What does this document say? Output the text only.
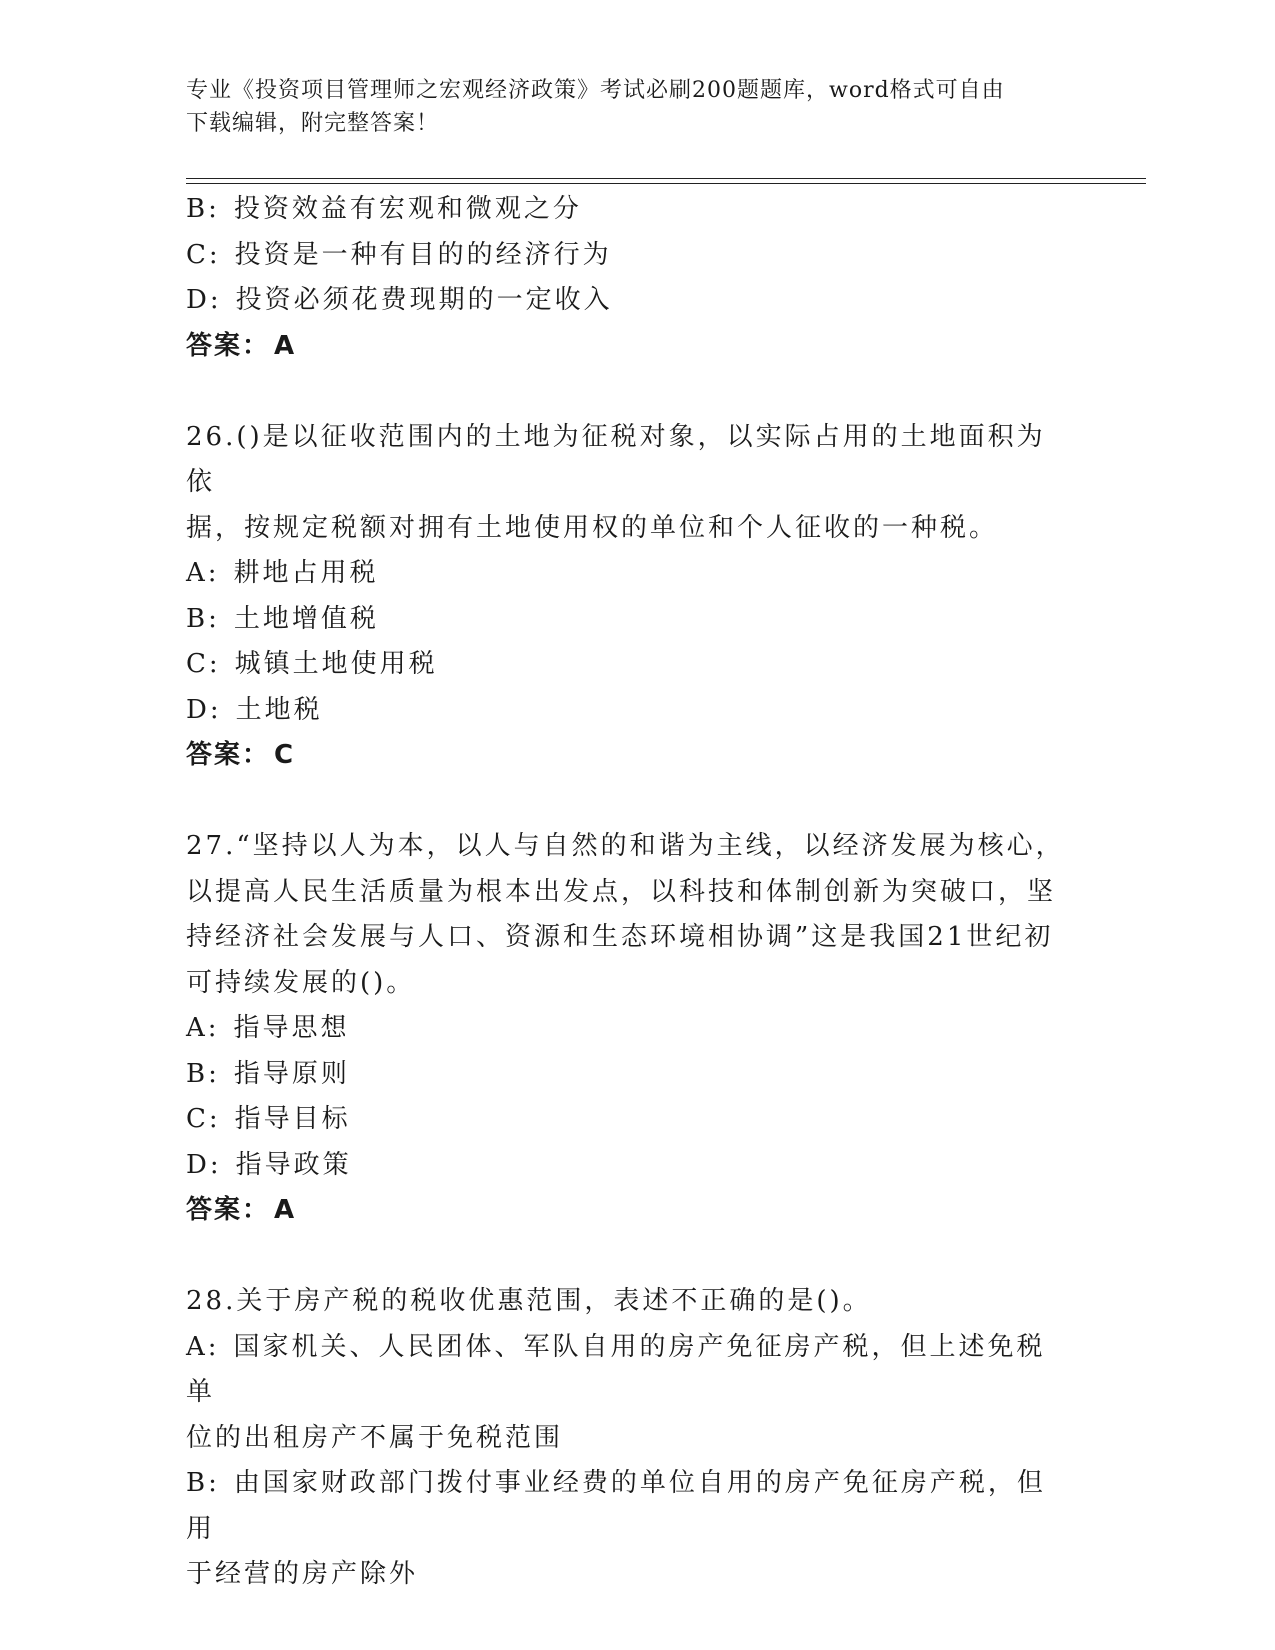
专业《投资项目管理师之宏观经济政策》考试必刷200题题库，word格式可自由
下载编辑，附完整答案！

B: 投资效益有宏观和微观之分

C: 投资是一种有目的的经济行为

D: 投资必须花费现期的一定收入

答案： A

26.()是以征收范围内的土地为征税对象，以实际占用的土地面积为依

据，按规定税额对拥有土地使用权的单位和个人征收的一种税。

A: 耕地占用税

B: 土地增值税

C: 城镇土地使用税

D: 土地税

答案： C

27.“坚持以人为本，以人与自然的和谐为主线，以经济发展为核心，

以提高人民生活质量为根本出发点，以科技和体制创新为突破口，坚

持经济社会发展与人口、资源和生态环境相协调”这是我国21世纪初

可持续发展的()。

A: 指导思想

B: 指导原则

C: 指导目标

D: 指导政策

答案： A

28.关于房产税的税收优惠范围，表述不正确的是()。

A: 国家机关、人民团体、军队自用的房产免征房产税，但上述免税单

位的出租房产不属于免税范围

B: 由国家财政部门拨付事业经费的单位自用的房产免征房产税，但用

于经营的房产除外
